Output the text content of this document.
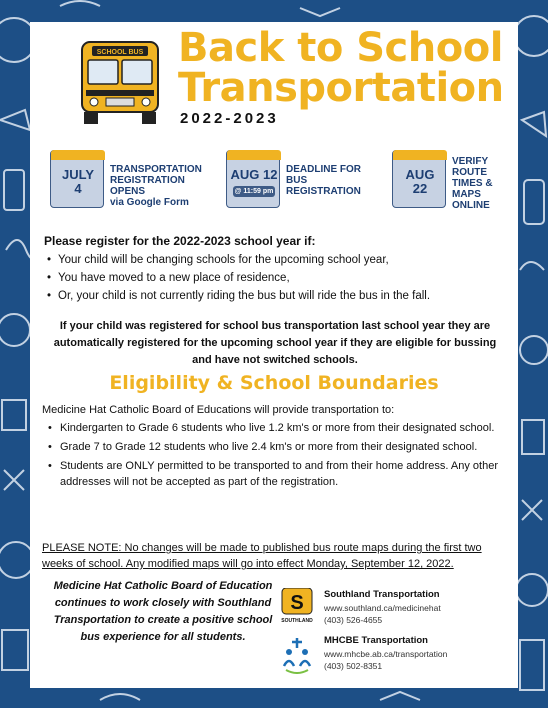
SCHOOL BUS Back to School
Transportation
2022-2023
JULY
4
TRANSPORTATION
REGISTRATION
OPENS
via Google Form
AUG 12
@ 11:59 pm
DEADLINE FOR
BUS
REGISTRATION
AUG
22
VERIFY
ROUTE
TIMES &
MAPS
ONLINE
Please register for the 2022-2023 school year if:
• Your child will be changing schools for the upcoming school year,
• You have moved to a new place of residence,
• Or, your child is not currently riding the bus but will ride the bus in the fall.
If your child was registered for school bus transportation last school year they are automatically registered for the upcoming school year if they are eligible for bussing and have not switched schools.
Eligibility & School Boundaries
Medicine Hat Catholic Board of Educations will provide transportation to:
• Kindergarten to Grade 6 students who live 1.2 km's or more from their designated school.
• Grade 7 to Grade 12 students who live 2.4 km's or more from their designated school.
• Students are ONLY permitted to be transported to and from their home address. Any other addresses will not be accepted as part of the registration.
PLEASE NOTE: No changes will be made to published bus route maps during the first two weeks of school. Any modified maps will go into effect Monday, September 12, 2022.
Medicine Hat Catholic Board of Education continues to work closely with Southland Transportation to create a positive school bus experience for all students.
S
SOUTHLAND
Southland Transportation
www.southland.ca/medicinehat
(403) 526-4655
MHCBE Transportation
www.mhcbe.ab.ca/transportation
(403) 502-8351
